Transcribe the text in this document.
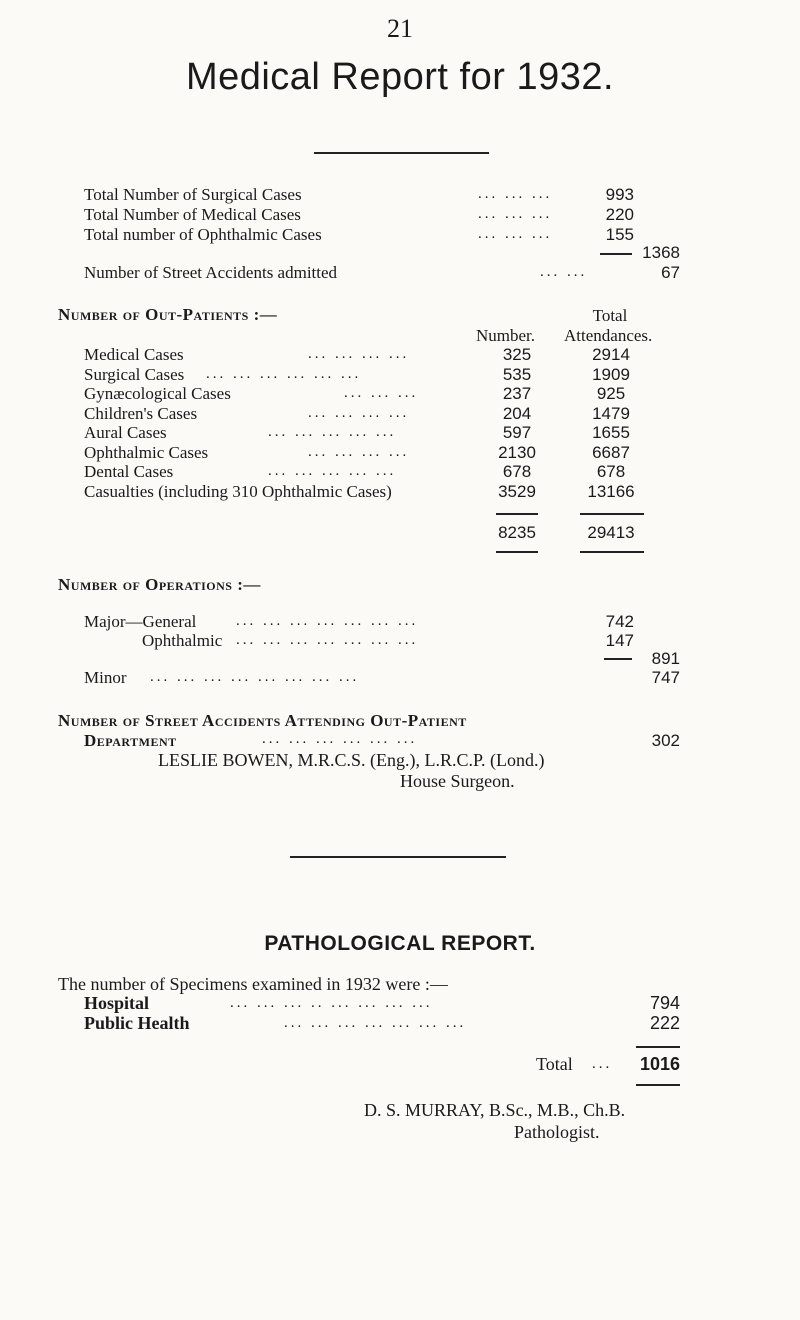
21
Medical Report for 1932.
Total Number of Surgical Cases	... ... ...	993
Total Number of Medical Cases	... ... ...	220
Total number of Ophthalmic Cases	... ... ...	155
1368
Number of Street Accidents admitted	... ...	67
Number of Out-Patients :—	Total
Number. Attendances.
Medical Cases	... ... ... ...	325	2914
Surgical Cases ... ... ... ... ... ...	535	1909
Gynæcological Cases	... ... ...	237	925
Children's Cases	... ... ... ...	204	1479
Aural Cases	... ... ... ... ...	597	1655
Ophthalmic Cases	... ... ... ...	2130	6687
Dental Cases	... ... ... ... ...	678	678
Casualties (including 310 Ophthalmic Cases)	3529	13166
8235	29413
Number of Operations :—
Major—General	... ... ... ... ... ... ...	742
Ophthalmic ... ... ... ... ... ... ...	147
891
Minor ... ... ... ... ... ... ... ...	747
Number of Street Accidents Attending Out-Patient
Department	... ... ... ... ... ...	302
LESLIE BOWEN, M.R.C.S. (Eng.), L.R.C.P. (Lond.)
House Surgeon.
PATHOLOGICAL REPORT.
The number of Specimens examined in 1932 were :—
Hospital	... ... ... .. ... ... ... ...	794
Public Health	... ... ... ... ... ... ...	222
Total ...	1016
D. S. MURRAY, B.Sc., M.B., Ch.B.
Pathologist.
